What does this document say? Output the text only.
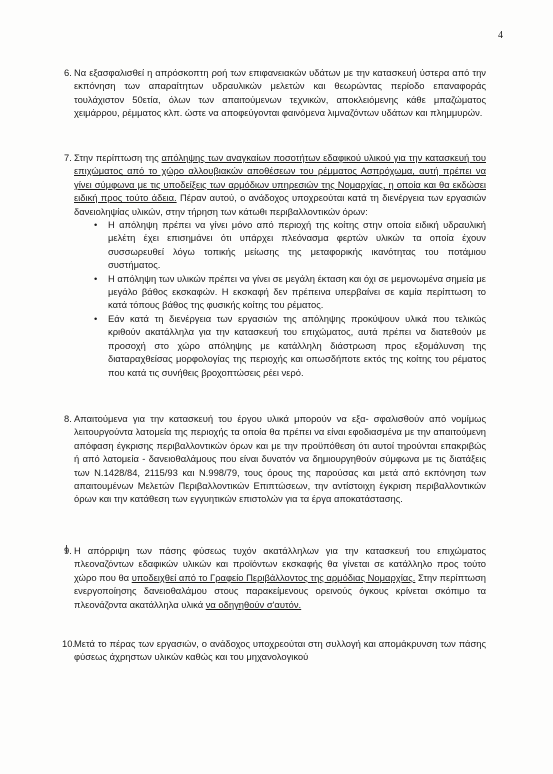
4
6. Να εξασφαλισθεί η απρόσκοπτη ροή των επιφανειακών υδάτων με την κατασκευή ύστερα από την εκπόνηση των απαραίτητων υδραυλικών μελετών και θεωρώντας περίοδο επαναφοράς τουλάχιστον 50ετία, όλων των απαιτούμενων τεχνικών, αποκλειόμενης κάθε μπαζώματος χειμάρρου, ρέμματος κλπ. ώστε να αποφεύγονται φαινόμενα λιμναζόντων υδάτων και πλημμυρών.
7. Στην περίπτωση της απόληψης των αναγκαίων ποσοτήτων εδαφικού υλικού για την κατασκευή του επιχώματος από το χώρο αλλουβιακών αποθέσεων του ρέμματος Ασπρόχωμα, αυτή πρέπει να γίνει σύμφωνα με τις υποδείξεις των αρμόδιων υπηρεσιών της Νομαρχίας, η οποία και θα εκδώσει ειδική προς τούτο άδεια. Πέραν αυτού, ο ανάδοχος υποχρεούται κατά τη διενέργεια των εργασιών δανειοληψίας υλικών, στην τήρηση των κάτωθι περιβαλλοντικών όρων:
• Η απόληψη πρέπει να γίνει μόνο από περιοχή της κοίτης στην οποία ειδική υδραυλική μελέτη έχει επισημάνει ότι υπάρχει πλεόνασμα φερτών υλικών τα οποία έχουν συσσωρευθεί λόγω τοπικής μείωσης της μεταφορικής ικανότητας του ποτάμιου συστήματος.
• Η απόληψη των υλικών πρέπει να γίνει σε μεγάλη έκταση και όχι σε μεμονωμένα σημεία με μεγάλο βάθος εκσκαφών. Η εκσκαφή δεν πρέπεινα υπερβαίνει σε καμία περίπτωση το κατά τόπους βάθος της φυσικής κοίτης του ρέματος.
• Εάν κατά τη διενέργεια των εργασιών της απόληψης προκύψουν υλικά που τελικώς κριθούν ακατάλληλα για την κατασκευή του επιχώματος, αυτά πρέπει να διατεθούν με προσοχή στο χώρο απόληψης με κατάλληλη διάστρωση προς εξομάλυνση της διαταραχθείσας μορφολογίας της περιοχής και οπωσδήποτε εκτός της κοίτης του ρέματος που κατά τις συνήθεις βροχοπτώσεις ρέει νερό.
8. Απαιτούμενα για την κατασκευή του έργου υλικά μπορούν να εξα- σφαλισθούν από νομίμως λειτουργούντα λατομεία της περιοχής τα οποία θα πρέπει να είναι εφοδιασμένα με την απαιτούμενη απόφαση έγκρισης περιβαλλοντικών όρων και με την προϋπόθεση ότι αυτοί τηρούνται επακριβώς ή από λατομεία - δανειοθαλάμους που είναι δυνατόν να δημιουργηθούν σύμφωνα με τις διατάξεις των Ν.1428/84, 2115/93 και Ν.998/79, τους όρους της παρούσας και μετά από εκπόνηση των απαιτουμένων Μελετών Περιβαλλοντικών Επιπτώσεων, την αντίστοιχη έγκριση περιβαλλοντικών όρων και την κατάθεση των εγγυητικών επιστολών για τα έργα αποκατάστασης.
9. Η απόρριψη των πάσης φύσεως τυχόν ακατάλληλων για την κατασκευή του επιχώματος πλεοναζόντων εδαφικών υλικών και προϊόντων εκσκαφής θα γίνεται σε κατάλληλο προς τούτο χώρο που θα υποδειχθεί από το Γραφείο Περιβάλλοντος της αρμόδιας Νομαρχίας. Στην περίπτωση ενεργοποίησης δανειοθαλάμου στους παρακείμενους ορεινούς όγκους κρίνεται σκόπιμο τα πλεονάζοντα ακατάλληλα υλικά να οδηγηθούν σ'αυτόν.
10.
Μετά το πέρας των εργασιών, ο ανάδοχος υποχρεούται στη συλλογή και απομάκρυνση των πάσης φύσεως άχρηστων υλικών καθώς και του μηχανολογικού
